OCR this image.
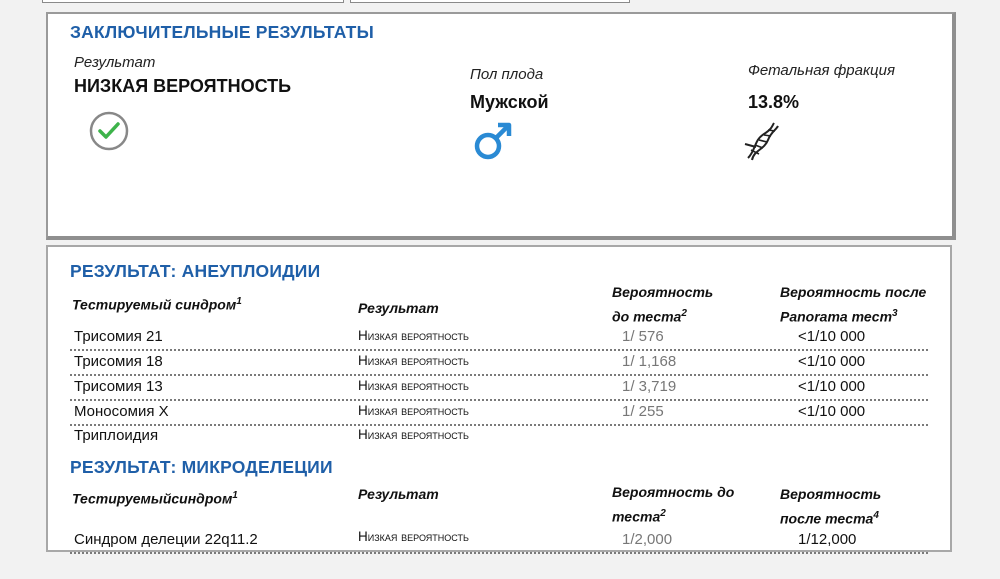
ЗАКЛЮЧИТЕЛЬНЫЕ РЕЗУЛЬТАТЫ
Результат
НИЗКАЯ ВЕРОЯТНОСТЬ
Пол плода
Мужской
Фетальная фракция
13.8%
РЕЗУЛЬТАТ: АНЕУПЛОИДИИ
Тестируемый синдром$^1$	Результат
Вероятность
до теста$^2$
Вероятность после
Panorama тест$^3$
Трисомия 21	Низкая вероятность	1/ 576	<1/10 000
Трисомия 18	Низкая вероятность	1/ 1,168	<1/10 000
Трисомия 13	Низкая вероятность	1/ 3,719	<1/10 000
Моносомия X	Низкая вероятность	1/ 255	<1/10 000
Триплоидия	Низкая вероятность
РЕЗУЛЬТАТ: МИКРОДЕЛЕЦИИ
Тестируемыйсиндром$^1$	Результат	Вероятность до
теста$^2$
Вероятность
после теста$^4$
Синдром делеции 22q11.2	Низкая вероятность	1/2,000	1/12,000
